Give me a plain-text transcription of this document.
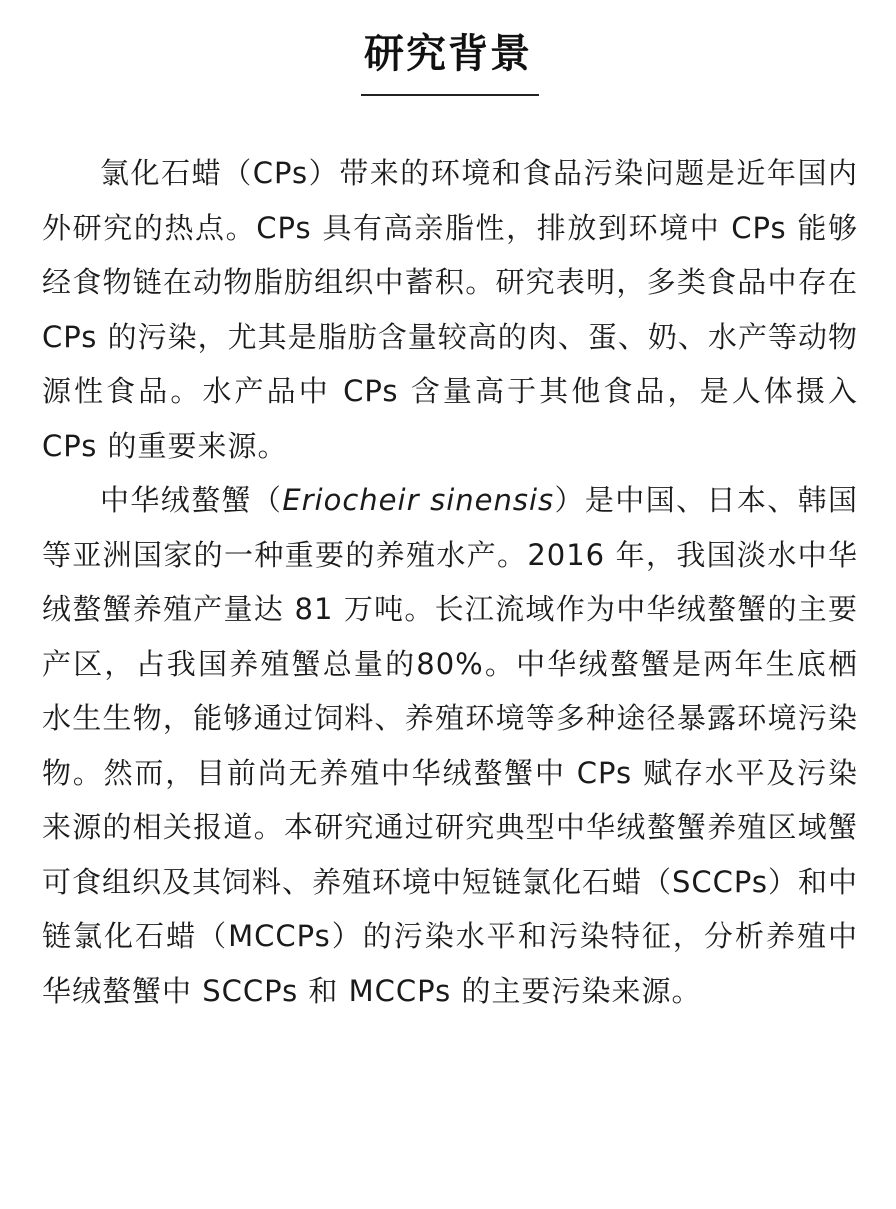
研究背景

氯化石蜡（CPs）带来的环境和食品污染问题是近年国内外研究的热点。CPs 具有高亲脂性，排放到环境中 CPs 能够经食物链在动物脂肪组织中蓄积。研究表明，多类食品中存在 CPs 的污染，尤其是脂肪含量较高的肉、蛋、奶、水产等动物源性食品。水产品中 CPs 含量高于其他食品，是人体摄入 CPs 的重要来源。

中华绒螯蟹（Eriocheir sinensis）是中国、日本、韩国等亚洲国家的一种重要的养殖水产。2016 年，我国淡水中华绒螯蟹养殖产量达 81 万吨。长江流域作为中华绒螯蟹的主要产区，占我国养殖蟹总量的80%。中华绒螯蟹是两年生底栖水生生物，能够通过饲料、养殖环境等多种途径暴露环境污染物。然而，目前尚无养殖中华绒螯蟹中 CPs 赋存水平及污染来源的相关报道。本研究通过研究典型中华绒螯蟹养殖区域蟹可食组织及其饲料、养殖环境中短链氯化石蜡（SCCPs）和中链氯化石蜡（MCCPs）的污染水平和污染特征，分析养殖中华绒螯蟹中 SCCPs 和 MCCPs 的主要污染来源。
